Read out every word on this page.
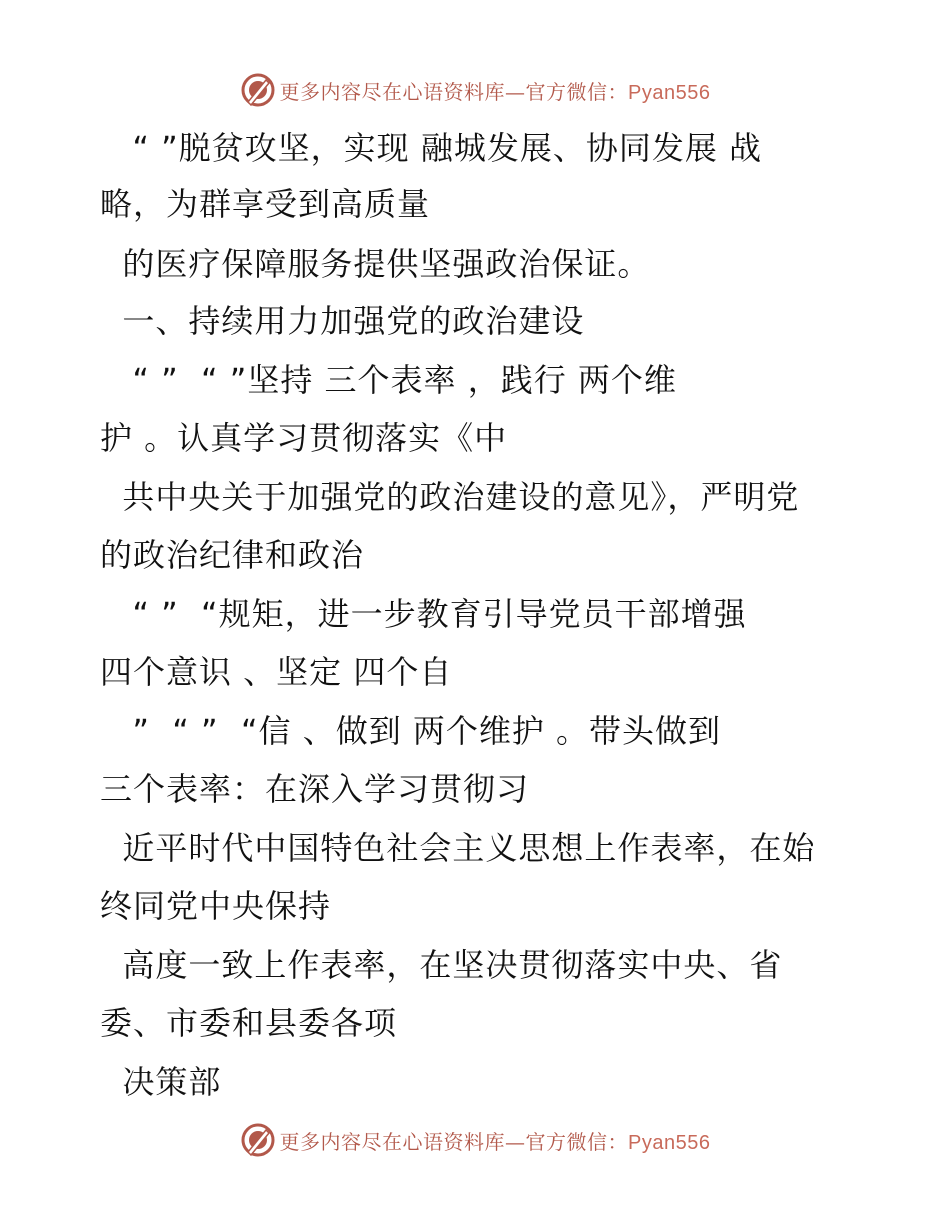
更多内容尽在心语资料库—官方微信：Pyan556
“ ”脱贫攻坚，实现 融城发展、协同发展 战
略，为群享受到高质量
的医疗保障服务提供坚强政治保证。
一、持续用力加强党的政治建设
“ ”  “ ”坚持 三个表率 ，践行 两个维
护 。认真学习贯彻落实《中
共中央关于加强党的政治建设的意见》，严明党
的政治纪律和政治
“ ”  “规矩，进一步教育引导党员干部增强
四个意识 、坚定 四个自
”  “ ”  “信 、做到 两个维护 。带头做到
三个表率：在深入学习贯彻习
近平时代中国特色社会主义思想上作表率，在始
终同党中央保持
高度一致上作表率，在坚决贯彻落实中央、省
委、市委和县委各项
决策部
更多内容尽在心语资料库—官方微信：Pyan556
